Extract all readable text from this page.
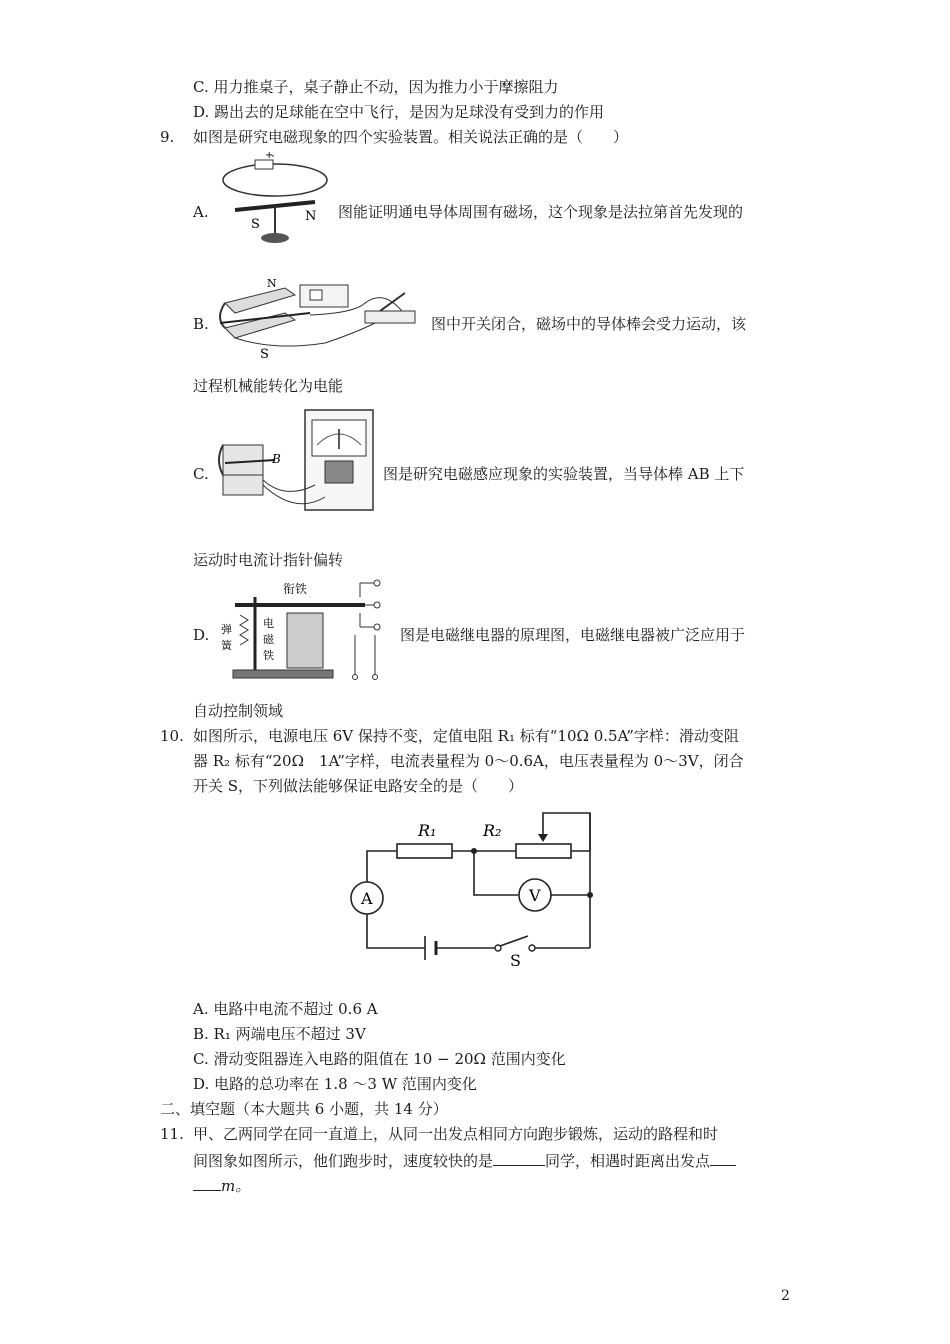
C. 用力推桌子，桌子静止不动，因为推力小于摩擦阻力
D. 踢出去的足球能在空中飞行，是因为足球没有受到力的作用
9. 如图是研究电磁现象的四个实验装置。相关说法正确的是（　　）
A.
+
S
N 图能证明通电导体周围有磁场，这个现象是法拉第首先发现的
B.
S
N
图中开关闭合，磁场中的导体棒会受力运动，该
过程机械能转化为电能
C.
B
图是研究电磁感应现象的实验装置，当导体棒 AB 上下
运动时电流计指针偏转
D.
衔铁
弹
簧
电
磁
铁
图是电磁继电器的原理图，电磁继电器被广泛应用于
自动控制领域
10. 如图所示，电源电压 6V 保持不变，定值电阻 R₁ 标有“10Ω 0.5A”字样：滑动变阻
器 R₂ 标有“20Ω　1A”字样，电流表量程为 0～0.6A，电压表量程为 0～3V，闭合
开关 S，下列做法能够保证电路安全的是（　　）
R₁	R₂
A	V
S
A. 电路中电流不超过 0.6 A
B. R₁ 两端电压不超过 3V
C. 滑动变阻器连入电路的阻值在 10 − 20Ω 范围内变化
D. 电路的总功率在 1.8 ～3 W 范围内变化
二、填空题（本大题共 6 小题，共 14 分）
11. 甲、乙两同学在同一直道上，从同一出发点相同方向跑步锻炼，运动的路程和时
间图象如图所示，他们跑步时，速度较快的是	同学，相遇时距离出发点
m。
2
